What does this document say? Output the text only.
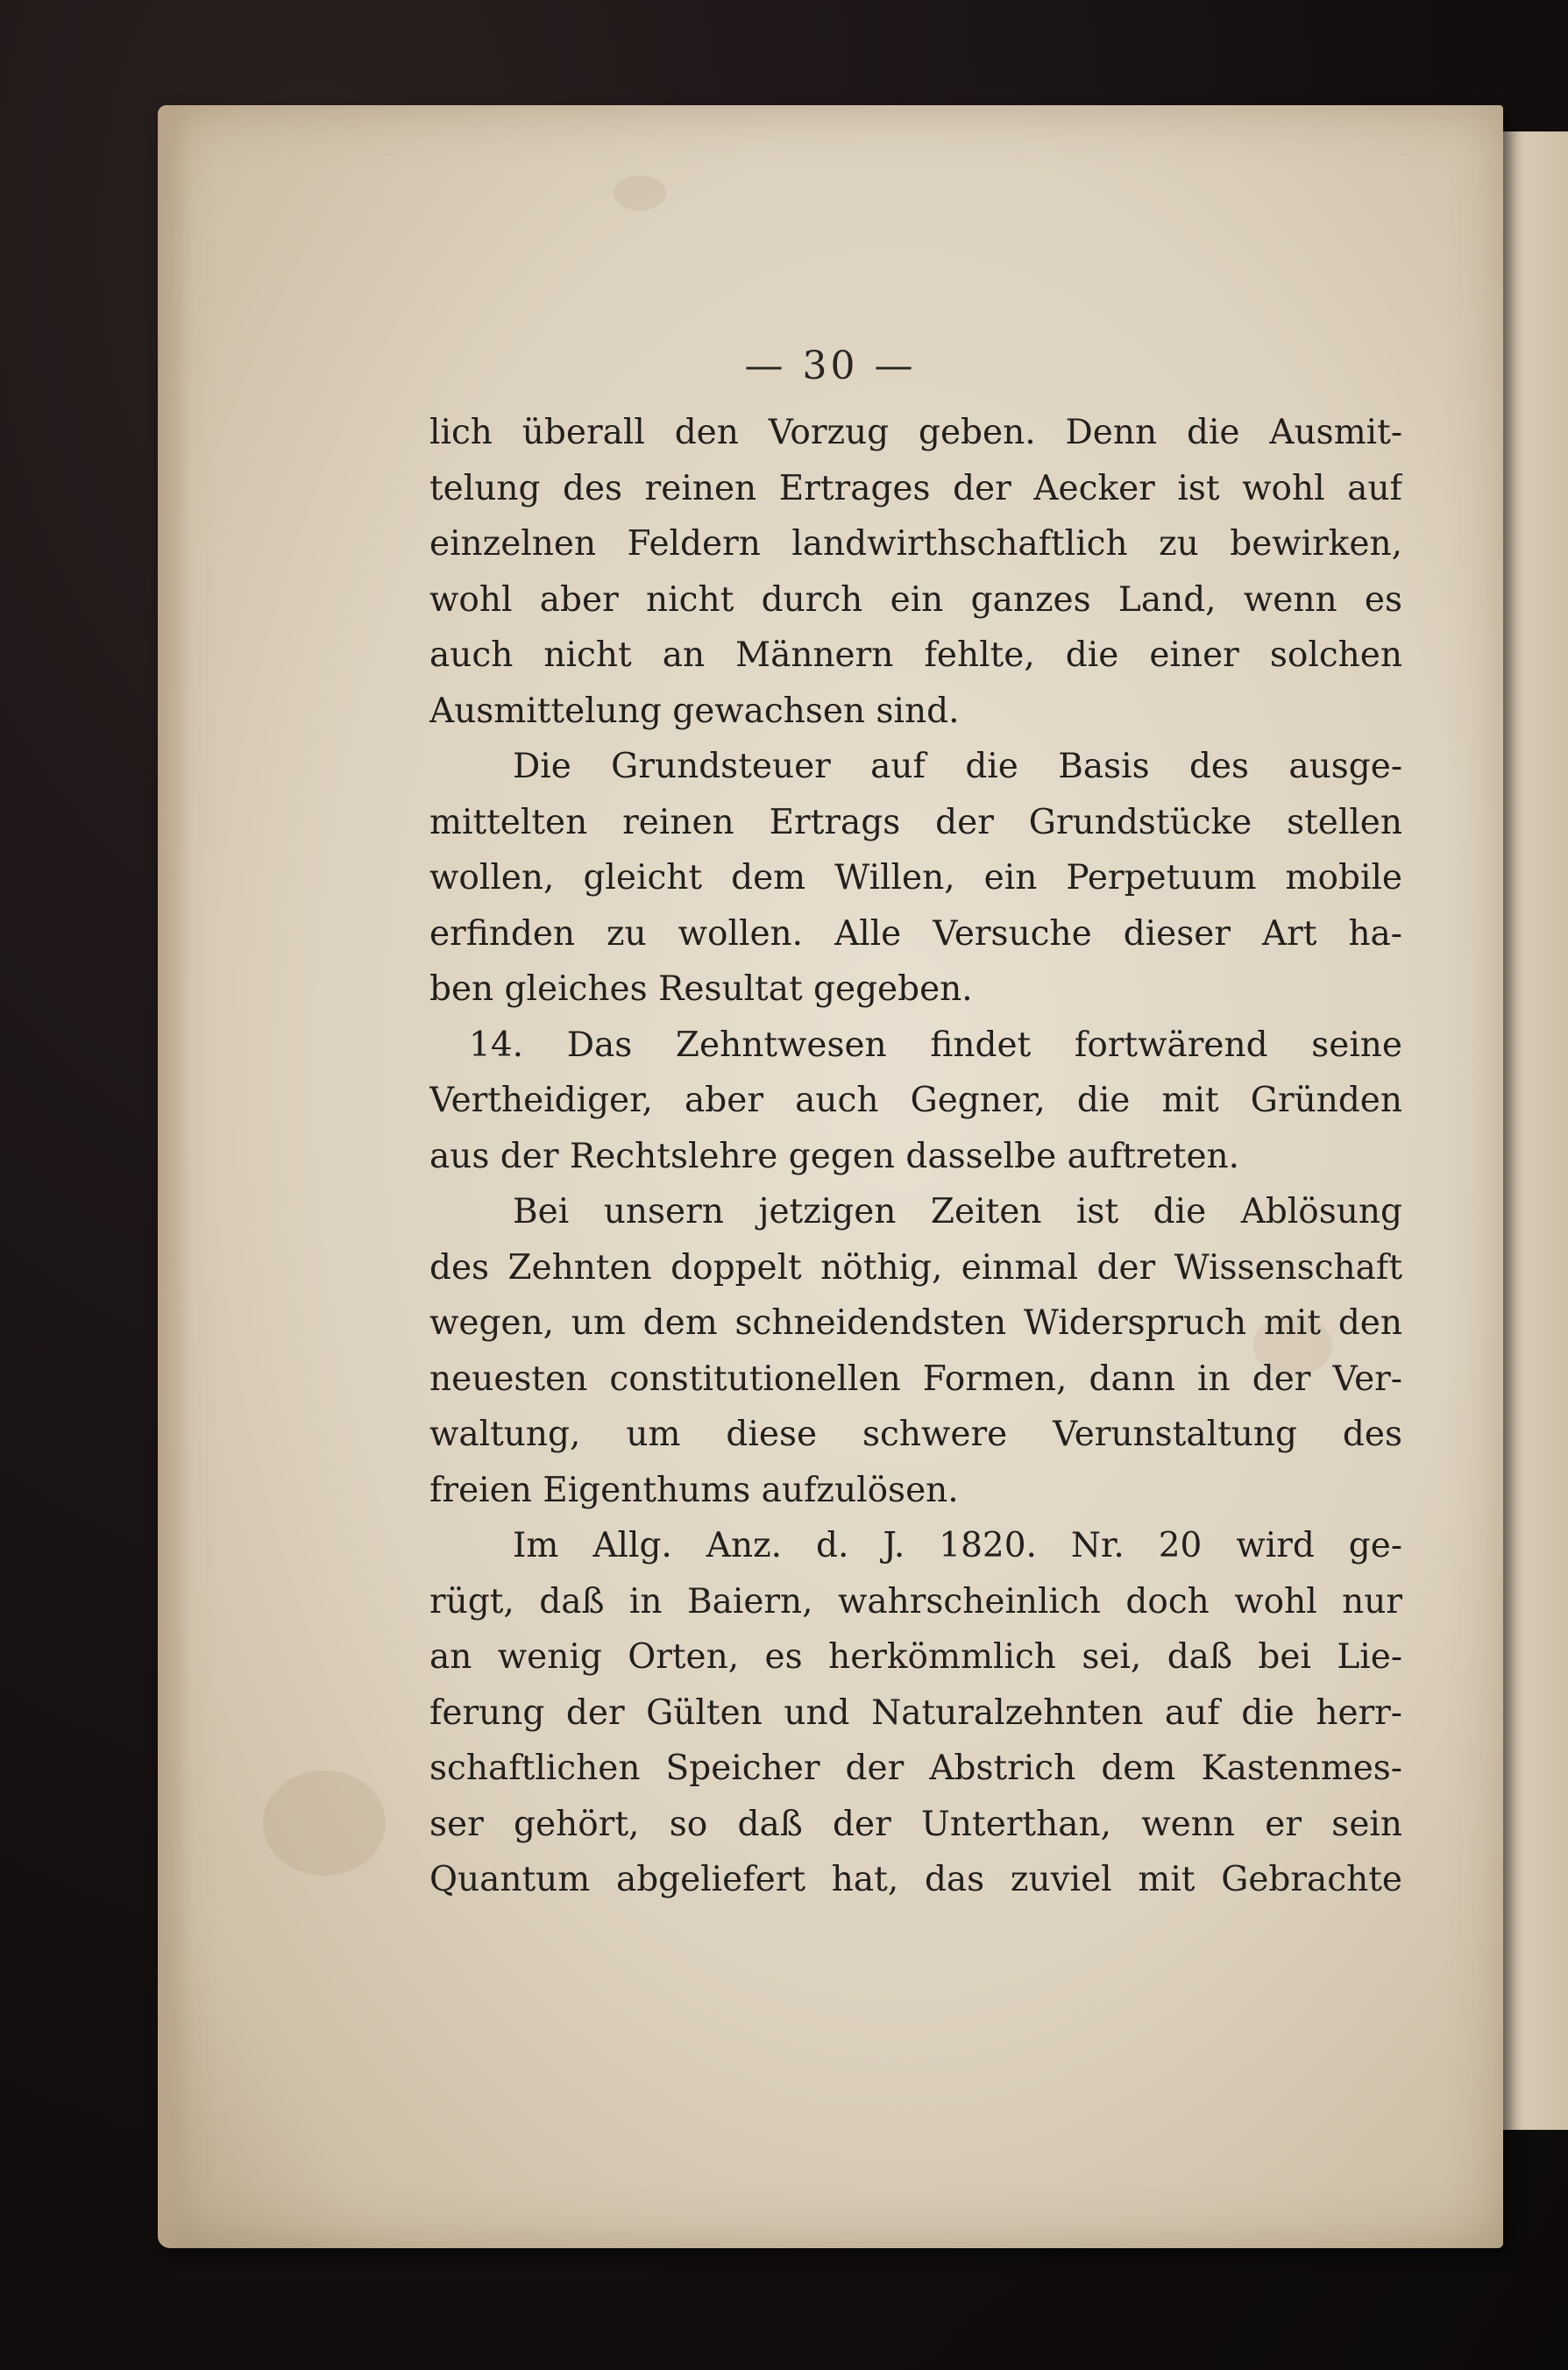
— 30 —
lich überall den Vorzug geben. Denn die Ausmit-
telung des reinen Ertrages der Aecker ist wohl auf
einzelnen Feldern landwirthschaftlich zu bewirken,
wohl aber nicht durch ein ganzes Land, wenn es
auch nicht an Männern fehlte, die einer solchen
Ausmittelung gewachsen sind.
Die Grundsteuer auf die Basis des ausge-
mittelten reinen Ertrags der Grundstücke stellen
wollen, gleicht dem Willen, ein Perpetuum mobile
erfinden zu wollen. Alle Versuche dieser Art ha-
ben gleiches Resultat gegeben.
14. Das Zehntwesen findet fortwärend seine
Vertheidiger, aber auch Gegner, die mit Gründen
aus der Rechtslehre gegen dasselbe auftreten.
Bei unsern jetzigen Zeiten ist die Ablösung
des Zehnten doppelt nöthig, einmal der Wissenschaft
wegen, um dem schneidendsten Widerspruch mit den
neuesten constitutionellen Formen, dann in der Ver-
waltung, um diese schwere Verunstaltung des
freien Eigenthums aufzulösen.
Im Allg. Anz. d. J. 1820. Nr. 20 wird ge-
rügt, daß in Baiern, wahrscheinlich doch wohl nur
an wenig Orten, es herkömmlich sei, daß bei Lie-
ferung der Gülten und Naturalzehnten auf die herr-
schaftlichen Speicher der Abstrich dem Kastenmes-
ser gehört, so daß der Unterthan, wenn er sein
Quantum abgeliefert hat, das zuviel mit Gebrachte
